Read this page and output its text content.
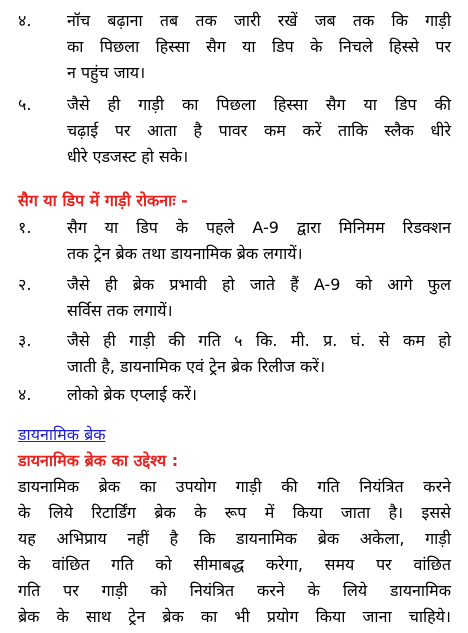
४. नॉच बढ़ाना तब तक जारी रखें जब तक कि गाड़ी
का पिछला हिस्सा सैग या डिप के निचले हिस्से पर
न पहुंच जाय।
५. जैसे ही गाड़ी का पिछला हिस्सा सैग या डिप की
चढ़ाई पर आता है पावर कम करें ताकि स्लैक धीरे
धीरे एडजस्ट हो सके।
सैग या डिप में गाड़ी रोकनाः -
१. सैग या डिप के पहले A-9 द्वारा मिनिमम रिडक्शन
तक ट्रेन ब्रेक तथा डायनामिक ब्रेक लगायें।
२. जैसे ही ब्रेक प्रभावी हो जाते हैं A-9 को आगे फुल
सर्विस तक लगायें।
३. जैसे ही गाड़ी की गति ५ कि. मी. प्र. घं. से कम हो
जाती है, डायनामिक एवं ट्रेन ब्रेक रिलीज करें।
४. लोको ब्रेक एप्लाई करें।
डायनामिक ब्रेक
डायनामिक ब्रेक का उद्देश्य :
डायनामिक ब्रेक का उपयोग गाड़ी की गति नियंत्रित करने
के लिये रिटार्डिंग ब्रेक के रूप में किया जाता है। इससे
यह अभिप्राय नहीं है कि डायनामिक ब्रेक अकेला, गाड़ी
के वांछित गति को सीमाबद्ध करेगा, समय पर वांछित
गति पर गाड़ी को नियंत्रित करने के लिये डायनामिक
ब्रेक के साथ ट्रेन ब्रेक का भी प्रयोग किया जाना चाहिये।
